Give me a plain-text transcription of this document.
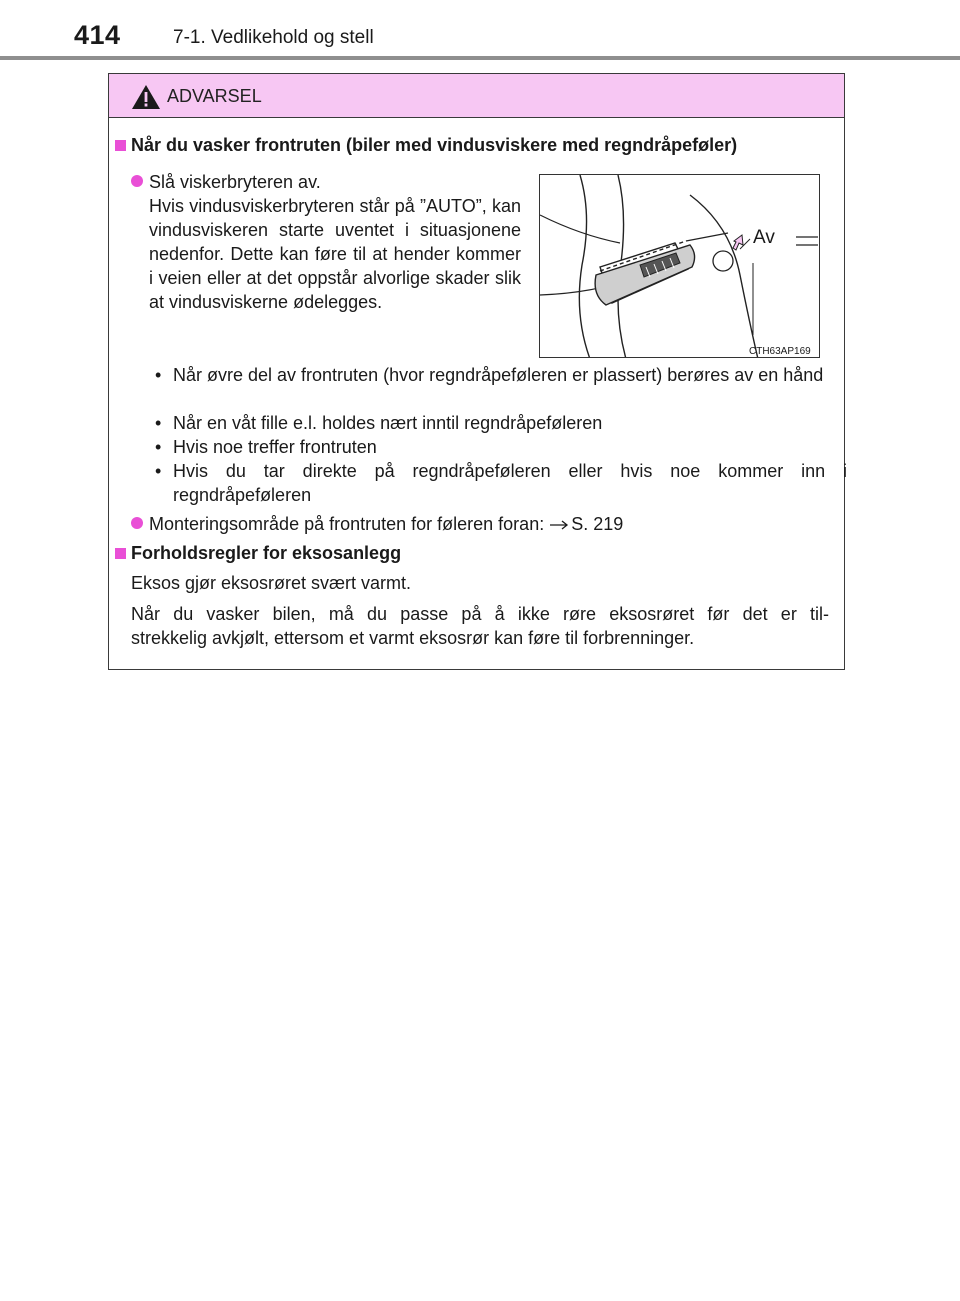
414	7-1. Vedlikehold og stell
ADVARSEL
Når du vasker frontruten (biler med vindusviskere med regndråpeføler)
Slå viskerbryteren av.
Hvis vindusviskerbryteren står på ”AUTO”, kan vindusviskeren starte uventet i situasjonene nedenfor. Dette kan føre til at hender kommer i veien eller at det oppstår alvorlige skader slik at vindusviskerne ødelegges.
Av
CTH63AP169
• Når øvre del av frontruten (hvor regndråpeføleren er plassert) berøres av en hånd
• Når en våt fille e.l. holdes nært inntil regndråpeføleren
• Hvis noe treffer frontruten
• Hvis du tar direkte på regndråpeføleren eller hvis noe kommer inn i regndråpeføleren
Monteringsområde på frontruten for føleren foran: S. 219
Forholdsregler for eksosanlegg
Eksos gjør eksosrøret svært varmt.
Når du vasker bilen, må du passe på å ikke røre eksosrøret før det er til-
strekkelig avkjølt, ettersom et varmt eksosrør kan føre til forbrenninger.
